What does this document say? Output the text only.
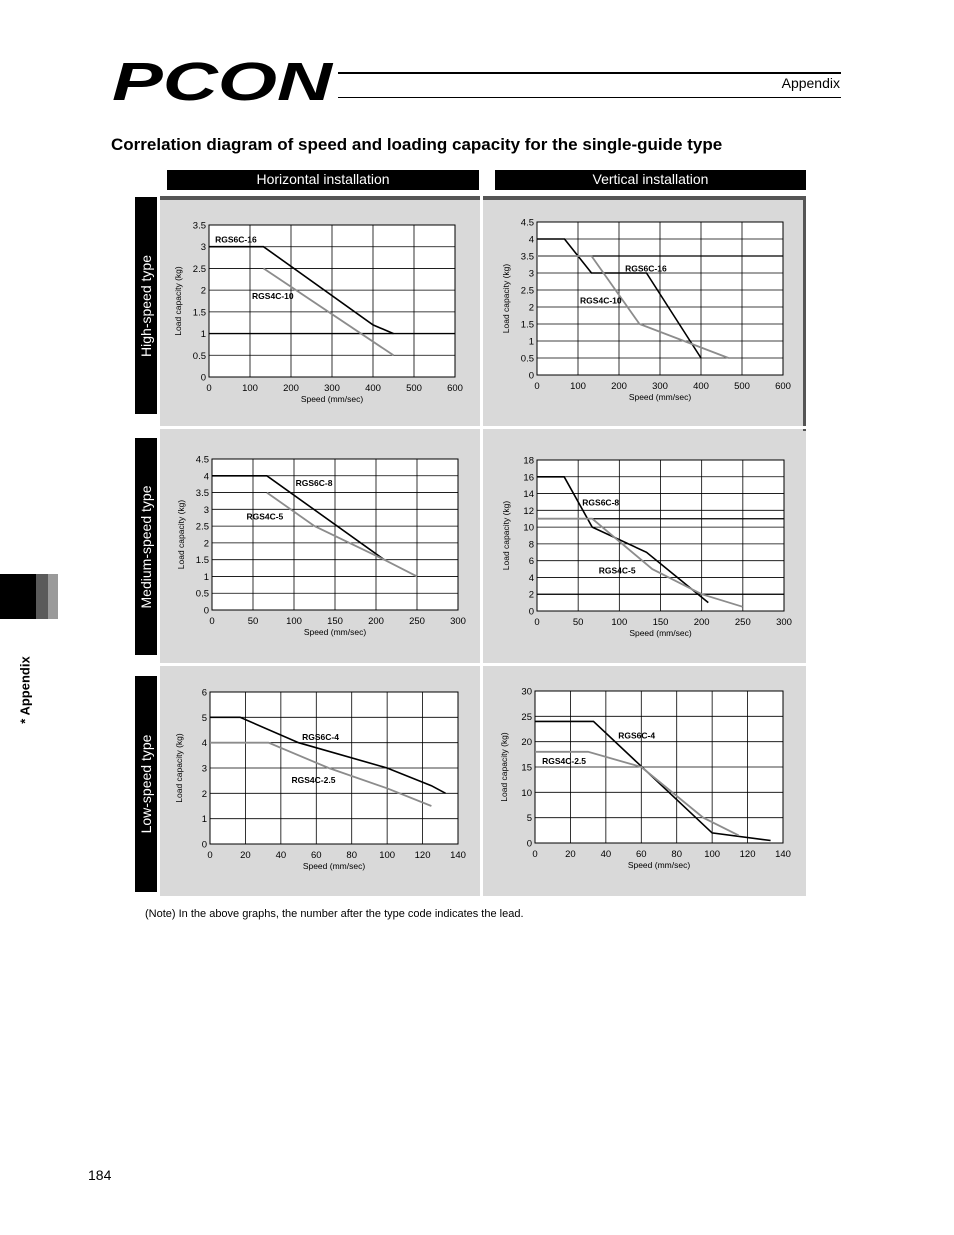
PCON	Appendix
Correlation diagram of speed and loading capacity for the single-guide type
Horizontal installation	Vertical installation
High-speed type
Medium-speed type
Low-speed type
0	100	200	300	400	500	600
0
0.5
1
1.5
2
2.5
3
3.5
RGS6C-16
RGS4C-10
Speed (mm/sec)
Load capacity (kg)
0	100	200	300	400	500	600
0
0.5
1
1.5
2
2.5
3
3.5
4
4.5
RGS6C-16
RGS4C-10
Speed (mm/sec)
Load capacity (kg)
0	50	100	150	200	250	300
0
0.5
1
1.5
2
2.5
3
3.5
4
4.5
RGS6C-8
RGS4C-5
Speed (mm/sec)
Load capacity (kg)
0	50	100	150	200	250	300
0
2
4
6
8
10
12
14
16
18
RGS6C-8
RGS4C-5
Speed (mm/sec)
Load capacity (kg)
0	20	40	60	80 100 120 140
0
1
2
3
4
5
6
RGS6C-4
RGS4C-2.5
Speed (mm/sec)
Load capacity (kg)
0	20	40	60	80 100 120 140
0
5
10
15
20
25
30
RGS6C-4
RGS4C-2.5
Speed (mm/sec)
Load capacity (kg)
* Appendix
(Note) In the above graphs, the number after the type code indicates the lead.
184
